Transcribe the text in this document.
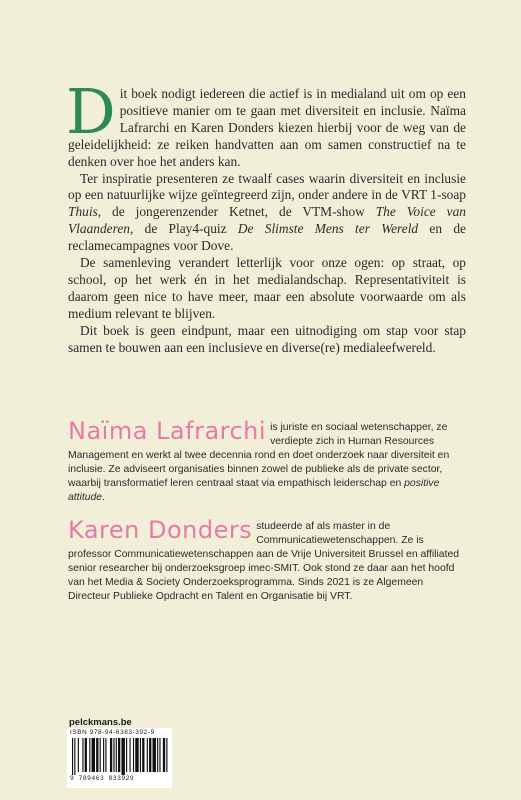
D it boek nodigt iedereen die actief is in medialand uit om op een positieve manier om te gaan met diversiteit en inclusie. Naïma Lafrarchi en Karen Donders kiezen hierbij voor de weg van de geleidelijkheid: ze reiken handvatten aan om samen constructief na te denken over hoe het anders kan.

Ter inspiratie presenteren ze twaalf cases waarin diversiteit en inclusie op een natuurlijke wijze geïntegreerd zijn, onder andere in de VRT 1-soap Thuis, de jongerenzender Ketnet, de VTM-show The Voice van Vlaanderen, de Play4-quiz De Slimste Mens ter Wereld en de reclamecampagnes voor Dove.

De samenleving verandert letterlijk voor onze ogen: op straat, op school, op het werk én in het medialandschap. Representativiteit is daarom geen nice to have meer, maar een absolute voorwaarde om als medium relevant te blijven.

Dit boek is geen eindpunt, maar een uitnodiging om stap voor stap samen te bouwen aan een inclusieve en diverse(re) medialeefwereld.

Naïma Lafrarchi is juriste en sociaal wetenschapper, ze verdiepte zich in Human Resources Management en werkt al twee decennia rond en doet onderzoek naar diversiteit en inclusie. Ze adviseert organisaties binnen zowel de publieke als de private sector, waarbij transformatief leren centraal staat via empathisch leiderschap en positive attitude.
Karen Donders studeerde af als master in de Communicatiewetenschappen. Ze is professor Communicatiewetenschappen aan de Vrije Universiteit Brussel en affiliated senior researcher bij onderzoeksgroep imec-SMIT. Ook stond ze daar aan het hoofd van het Media & Society Onderzoeksprogramma. Sinds 2021 is ze Algemeen Directeur Publieke Opdracht en Talent en Organisatie bij VRT.
pelckmans.be
ISBN 978-94-6383-392-9
9 789463 833929
